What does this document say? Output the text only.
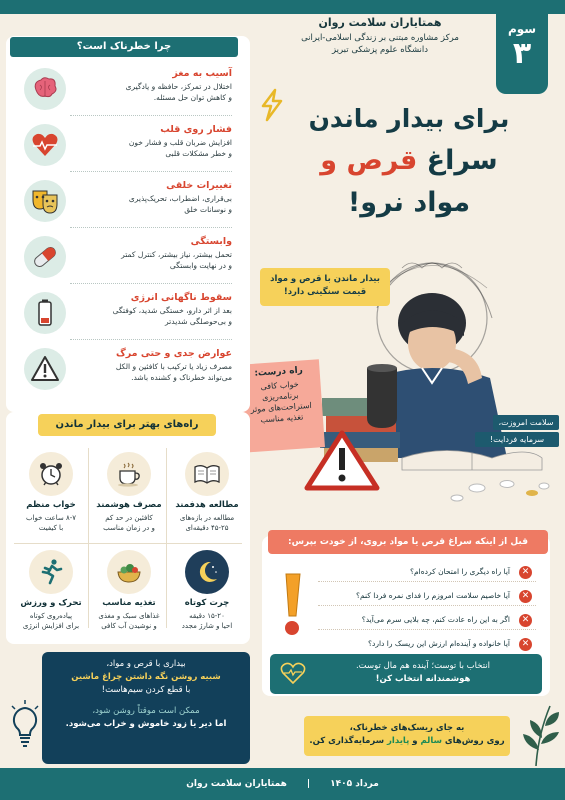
سوم
۳
همتایاران سلامت روان
مرکز مشاوره مبتنی بر زندگی اسلامی-ایرانی
دانشگاه علوم پزشکی تبریز
برای بیدار ماندن
سراغ قرص و
مواد نرو!
بیدار ماندن با قرص و مواد
قیمت سنگینی دارد!
راه درست:
خواب کافی
برنامه‌ریزی
استراحت‌های موثر
تغذیه مناسب	سلامت امروزت،
سرمایه فردایت!
چرا خطرناک است؟
آسیب به مغز
اختلال در تمرکز، حافظه و یادگیری
و کاهش توان حل مسئله.
فشار روی قلب
افزایش ضربان قلب و فشار خون
و خطر مشکلات قلبی
تغییرات خلقی
بی‌قراری، اضطراب، تحریک‌پذیری
و نوسانات خلق
وابستگی
تحمل بیشتر، نیاز بیشتر، کنترل کمتر
و در نهایت وابستگی
سقوط ناگهانی انرژی
بعد از اثر دارو، خستگی شدید، کوفتگی
و بی‌حوصلگی شدیدتر
عوارض جدی و حتی مرگ
مصرف زیاد یا ترکیب با کافئین و الکل
می‌تواند خطرناک و کشنده باشد.
راه‌های بهتر برای بیدار ماندن
مطالعه هدفمند
مطالعه در بازه‌های
۴۵-۲۵ دقیقه‌ای
مصرف هوشمند
کافئین در حد کم
و در زمان مناسب
خواب منظم
۸-۷ ساعت خواب
با کیفیت
چرت کوتاه
۱۵-۲۰ دقیقه
احیا و شارژ مجدد
تغذیه مناسب
غذاهای سبک و مغذی
و نوشیدن آب کافی
تحرک و ورزش
پیاده‌روی کوتاه
برای افزایش انرژی
بیداری با قرص و مواد،
شبیه روشن نگه داشتن چراغ ماشین
با قطع کردن سیم‌هاست!
ممکن است موقتاً روشن شود،
اما دیر یا زود خاموش و خراب می‌شود.
قبل از اینکه سراغ قرص یا مواد بروی، از خودت بپرس:
آیا راه دیگری را امتحان کرده‌ام؟	✕
آیا خاصیم سلامت امروزم را فدای نمره فردا کنم؟	✕
اگر به این راه عادت کنم، چه بلایی سرم می‌آید؟	✕
آیا خانواده و آینده‌ام ارزش این ریسک را دارد؟	✕
انتخاب با توست؛ آینده هم مال توست.
هوشمندانه انتخاب کن!
به جای ریسک‌های خطرناک،
روی روش‌های سالم و پایدار سرمایه‌گذاری کن.
مرداد ۱۴۰۵|همتایاران سلامت روان
